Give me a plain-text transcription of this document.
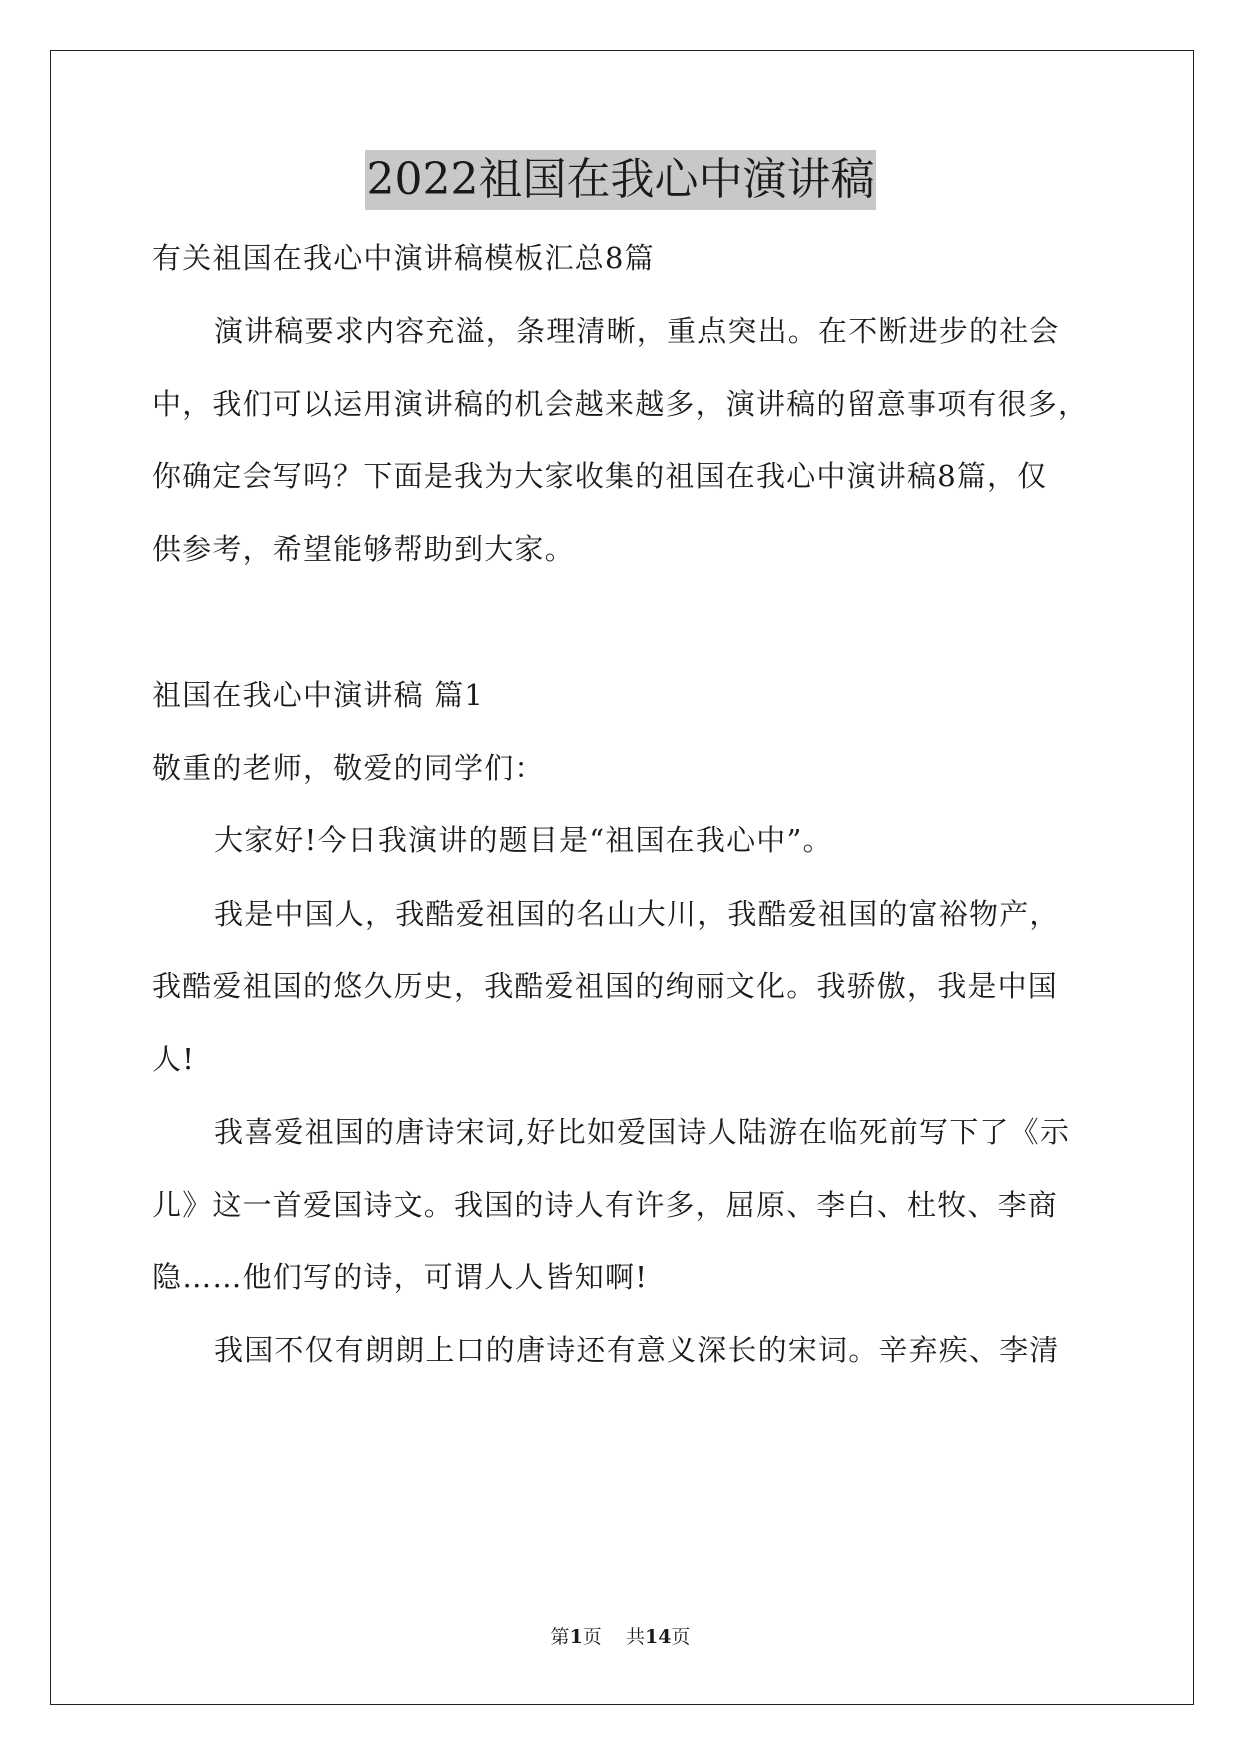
2022祖国在我心中演讲稿
有关祖国在我心中演讲稿模板汇总8篇
演讲稿要求内容充溢，条理清晰，重点突出。在不断进步的社会
中，我们可以运用演讲稿的机会越来越多，演讲稿的留意事项有很多，
你确定会写吗？下面是我为大家收集的祖国在我心中演讲稿8篇，仅
供参考，希望能够帮助到大家。
祖国在我心中演讲稿 篇1
敬重的老师，敬爱的同学们：
大家好!今日我演讲的题目是“祖国在我心中”。
我是中国人，我酷爱祖国的名山大川，我酷爱祖国的富裕物产，
我酷爱祖国的悠久历史，我酷爱祖国的绚丽文化。我骄傲，我是中国
人!
我喜爱祖国的唐诗宋词,好比如爱国诗人陆游在临死前写下了《示
儿》这一首爱国诗文。我国的诗人有许多，屈原、李白、杜牧、李商
隐……他们写的诗，可谓人人皆知啊!
我国不仅有朗朗上口的唐诗还有意义深长的宋词。辛弃疾、李清
第1页    共14页
